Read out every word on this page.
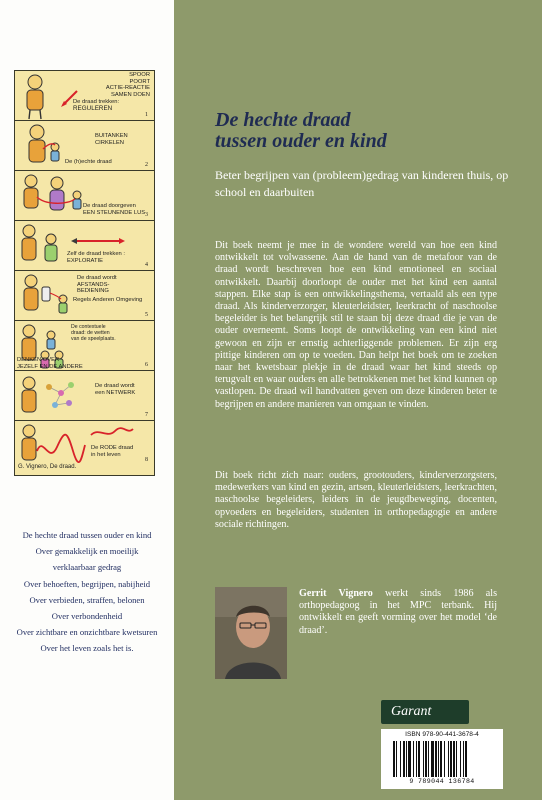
SPOOR
POORT
ACTIE-REACTIE
SAMEN DOEN
De draad trekken:
REGULEREN
1
BUITANKEN
CIRKELEN
De (h)echte draad	2
De draad doorgeven
EEN STEUNENDE LUS 3
Zelf de draad trekken :
EXPLORATIE
4
De draad wordt
AFSTANDS-
BEDIENING
Regels Anderen Omgeving
5
De contextuele
draad: de wetten
van de speelplaats.
DENKEN OVER
JEZELF EN DE ANDERE	6
De draad wordt
een NETWERK
7
De RODE draad
in het leven
8
G. Vignero, De draad.
De hechte draad tussen ouder en kind
Over gemakkelijk en moeilijk
verklaarbaar gedrag
Over behoeften, begrijpen, nabijheid
Over verbieden, straffen, belonen
Over verbondenheid
Over zichtbare en onzichtbare kwetsuren
Over het leven zoals het is.
De hechte draad
tussen ouder en kind

Beter begrijpen van (probleem)gedrag van kinderen thuis, op school en daarbuiten

Dit boek neemt je mee in de wondere wereld van hoe een kind ontwikkelt tot volwassene. Aan de hand van de metafoor van de draad wordt beschreven hoe een kind emotioneel en sociaal ontwikkelt. Daarbij doorloopt de ouder met het kind een aantal stappen. Elke stap is een ontwikkelingsthema, vertaald als een type draad. Als kinderverzorger, kleuterleidster, leerkracht of naschoolse begeleider is het belangrijk stil te staan bij deze draad die je van de ouder overneemt. Soms loopt de ontwikkeling van een kind niet gewoon en zijn er ernstig achterliggende problemen. Er zijn erg pittige kinderen om op te voeden. Dan helpt het boek om te zoeken naar het kwetsbaar plekje in de draad waar het kind steeds op terugvalt en waar ouders en alle betrokkenen met het kind kunnen op vastlopen. De draad wil handvatten geven om deze kinderen beter te begrijpen en andere manieren van omgaan te vinden.

Dit boek richt zich naar: ouders, grootouders, kinderverzorgsters, medewerkers van kind en gezin, artsen, kleuterleidsters, leerkrachten, naschoolse begeleiders, leiders in de jeugdbeweging, docenten, opvoeders en begeleiders, studenten in orthopedagogie en andere sociale richtingen.

Gerrit Vignero werkt sinds 1986 als orthopedagoog in het MPC terbank. Hij ontwikkelt en geeft vorming over het model ‘de draad’.

Garant
ISBN 978-90-441-3678-4
9 789044 136784
